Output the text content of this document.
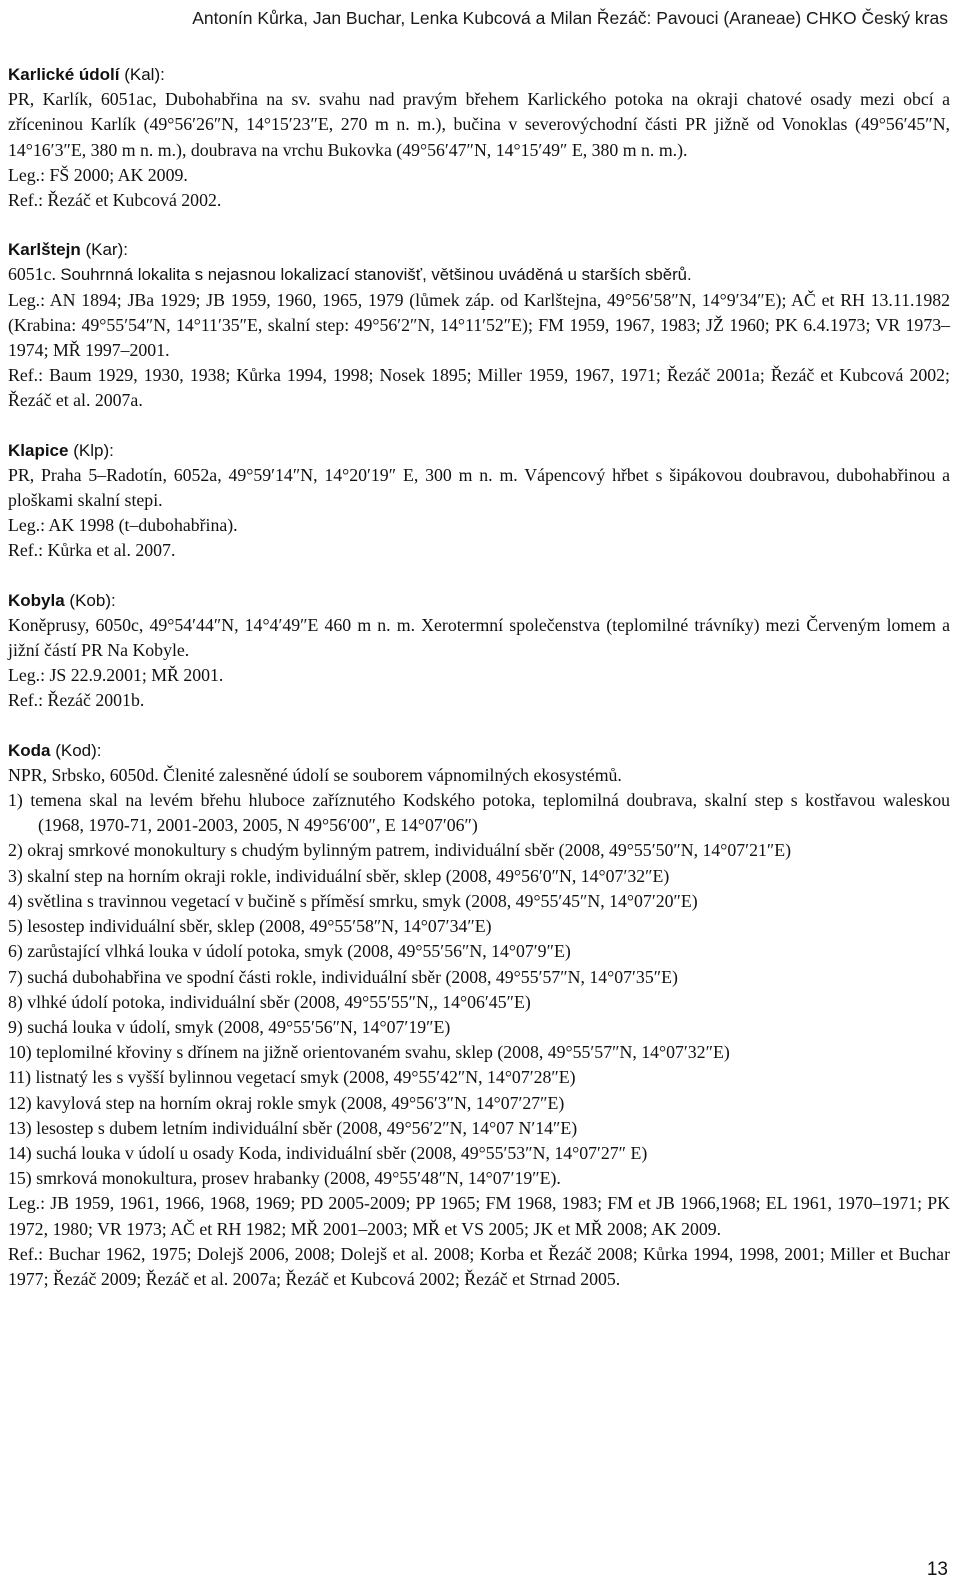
Antonín Kůrka, Jan Buchar, Lenka Kubcová a Milan Řezáč: Pavouci (Araneae) CHKO Český kras
Karlické údolí (Kal):

PR, Karlík, 6051ac, Dubohabřina na sv. svahu nad pravým břehem Karlického potoka na okraji chatové osady mezi obcí a zříceninou Karlík (49°56′26″N, 14°15′23″E, 270 m n. m.), bučina v severovýchodní části PR jižně od Vonoklas (49°56′45″N, 14°16′3″E, 380 m n. m.), doubrava na vrchu Bukovka (49°56′47″N, 14°15′49″ E, 380 m n. m.).

Leg.: FŠ 2000; AK 2009.

Ref.: Řezáč et Kubcová 2002.

Karlštejn (Kar):

6051c. Souhrnná lokalita s nejasnou lokalizací stanovišť, většinou uváděná u starších sběrů.

Leg.: AN 1894; JBa 1929; JB 1959, 1960, 1965, 1979 (lůmek záp. od Karlštejna, 49°56′58″N, 14°9′34″E); AČ et RH 13.11.1982 (Krabina: 49°55′54″N, 14°11′35″E, skalní step: 49°56′2″N, 14°11′52″E); FM 1959, 1967, 1983; JŽ 1960; PK 6.4.1973; VR 1973–1974; MŘ 1997–2001.

Ref.: Baum 1929, 1930, 1938; Kůrka 1994, 1998; Nosek 1895; Miller 1959, 1967, 1971; Řezáč 2001a; Řezáč et Kubcová 2002; Řezáč et al. 2007a.

Klapice (Klp):

PR, Praha 5–Radotín, 6052a, 49°59′14″N, 14°20′19″ E, 300 m n. m. Vápencový hřbet s šipákovou doubravou, dubohabřinou a ploškami skalní stepi.

Leg.: AK 1998 (t–dubohabřina).

Ref.: Kůrka et al. 2007.

Kobyla (Kob):

Koněprusy, 6050c, 49°54′44″N, 14°4′49″E 460 m n. m. Xerotermní společenstva (teplomilné trávníky) mezi Červeným lomem a jižní částí PR Na Kobyle.

Leg.: JS 22.9.2001; MŘ 2001.

Ref.: Řezáč 2001b.

Koda (Kod):

NPR, Srbsko, 6050d. Členité zalesněné údolí se souborem vápnomilných ekosystémů.

1) temena skal na levém břehu hluboce zaříznutého Kodského potoka, teplomilná doubrava, skalní step s kostřavou waleskou (1968, 1970-71, 2001-2003, 2005, N 49°56′00″, E 14°07′06″)

2) okraj smrkové monokultury s chudým bylinným patrem, individuální sběr (2008, 49°55′50″N, 14°07′21″E)

3) skalní step na horním okraji rokle, individuální sběr, sklep (2008, 49°56′0″N, 14°07′32″E)

4) světlina s travinnou vegetací v bučině s příměsí smrku, smyk (2008, 49°55′45″N, 14°07′20″E)

5) lesostep individuální sběr, sklep (2008, 49°55′58″N, 14°07′34″E)

6) zarůstající vlhká louka v údolí potoka, smyk (2008, 49°55′56″N, 14°07′9″E)

7) suchá dubohabřina ve spodní části rokle, individuální sběr (2008, 49°55′57″N, 14°07′35″E)

8) vlhké údolí potoka, individuální sběr (2008, 49°55′55″N,, 14°06′45″E)

9) suchá louka v údolí, smyk (2008, 49°55′56″N, 14°07′19″E)

10) teplomilné křoviny s dřínem na jižně orientovaném svahu, sklep (2008, 49°55′57″N, 14°07′32″E)

11) listnatý les s vyšší bylinnou vegetací smyk (2008, 49°55′42″N, 14°07′28″E)

12) kavylová step na horním okraj rokle smyk (2008, 49°56′3″N, 14°07′27″E)

13) lesostep s dubem letním individuální sběr (2008, 49°56′2″N, 14°07 N′14″E)

14) suchá louka v údolí u osady Koda, individuální sběr (2008, 49°55′53″N, 14°07′27″ E)

15) smrková monokultura, prosev hrabanky (2008, 49°55′48″N, 14°07′19″E).

Leg.: JB 1959, 1961, 1966, 1968, 1969; PD 2005-2009; PP 1965; FM 1968, 1983; FM et JB 1966,1968; EL 1961, 1970–1971; PK 1972, 1980; VR 1973; AČ et RH 1982; MŘ 2001–2003; MŘ et VS 2005; JK et MŘ 2008; AK 2009.

Ref.: Buchar 1962, 1975; Dolejš 2006, 2008; Dolejš et al. 2008; Korba et Řezáč 2008; Kůrka 1994, 1998, 2001; Miller et Buchar 1977; Řezáč 2009; Řezáč et al. 2007a; Řezáč et Kubcová 2002; Řezáč et Strnad 2005.

13
